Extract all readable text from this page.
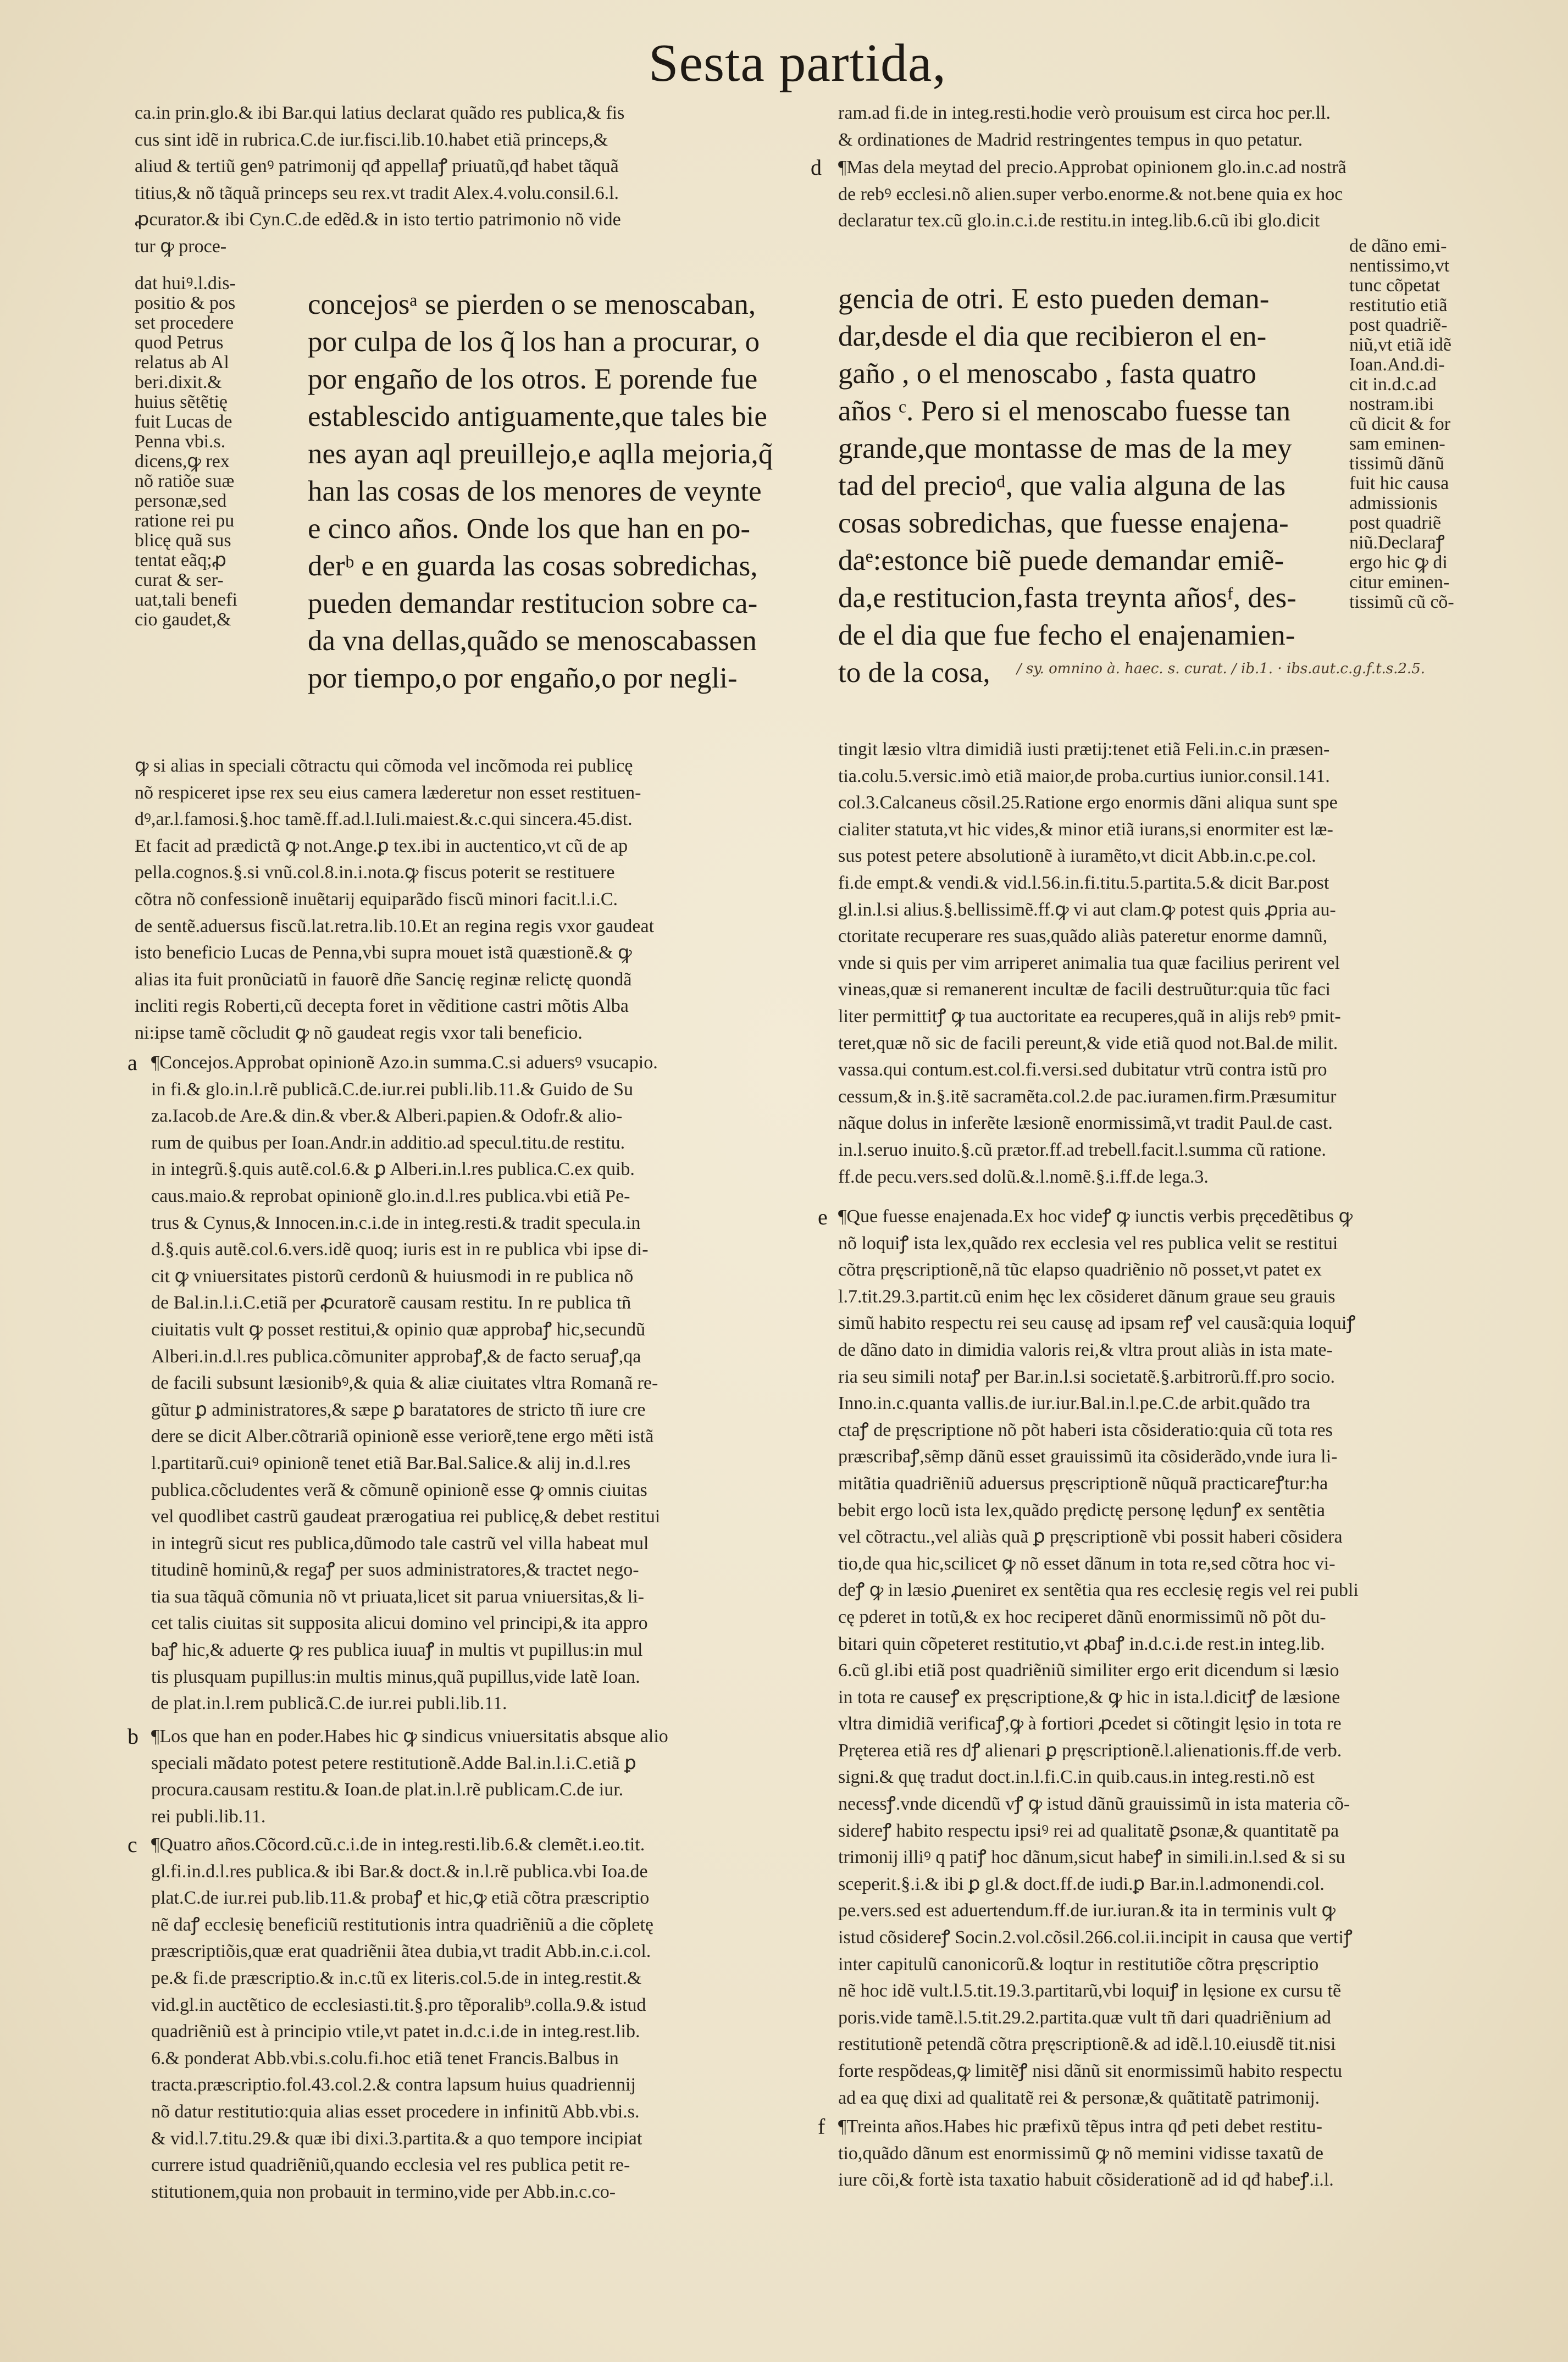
Sesta partida,
ca.in prin.glo.& ibi Bar.qui latius declarat quãdo res publica,& fis
cus sint idẽ in rubrica.C.de iur.fisci.lib.10.habet etiã princeps,&
aliud & tertiũ genꝰ patrimonij qđ appellaꝭ priuatũ,qđ habet tãquã
titius,& nõ tãquã princeps seu rex.vt tradit Alex.4.volu.consil.6.l.
ꝓcurator.& ibi Cyn.C.de edẽd.& in isto tertio patrimonio nõ vide
tur ꝙ proce-
dat huiꝰ.l.dis-
positio & pos
set procedere
quod Petrus
relatus ab Al
beri.dixit.&
huius sẽtẽtię
fuit Lucas de
Penna vbi.s.
dicens,ꝙ rex
nõ ratiõe suæ
personæ,sed
ratione rei pu
blicę quã sus
tentat eãq;ꝓ
curat & ser-
uat,tali benefi
cio gaudet,&
concejosᵃ se pierden o se menoscaban,
por culpa de los q̃ los han a procurar, o
por engaño de los otros. E porende fue
establescido antiguamente,que tales bie
nes ayan aql preuillejo,e aqlla mejoria,q̃
han las cosas de los menores de veynte
e cinco años. Onde los que han en po-
derᵇ e en guarda las cosas sobredichas,
pueden demandar restitucion sobre ca-
da vna dellas,quãdo se menoscabassen
por tiempo,o por engaño,o por negli-
ꝙ si alias in speciali cõtractu qui cõmoda vel incõmoda rei publicę
nõ respiceret ipse rex seu eius camera læderetur non esset restituen-
dꝰ,ar.l.famosi.§.hoc tamẽ.ff.ad.l.Iuli.maiest.&.c.qui sincera.45.dist.
Et facit ad prædictã ꝙ not.Ange.ꝑ tex.ibi in auctentico,vt cũ de ap
pella.cognos.§.si vnũ.col.8.in.i.nota.ꝙ fiscus poterit se restituere
cõtra nõ confessionẽ inuẽtarij equiparãdo fiscũ minori facit.l.i.C.
de sentẽ.aduersus fiscũ.lat.retra.lib.10.Et an regina regis vxor gaudeat
isto beneficio Lucas de Penna,vbi supra mouet istã quæstionẽ.& ꝙ
alias ita fuit pronũciatũ in fauorẽ dñe Sancię reginæ relictę quondã
incliti regis Roberti,cũ decepta foret in vẽditione castri mõtis Alba
ni:ipse tamẽ cõcludit ꝙ nõ gaudeat regis vxor tali beneficio.
a ¶Concejos.Approbat opinionẽ Azo.in summa.C.si aduersꝰ vsucapio.
in fi.& glo.in.l.rẽ publicã.C.de.iur.rei publi.lib.11.& Guido de Su
za.Iacob.de Are.& din.& vber.& Alberi.papien.& Odofr.& alio-
rum de quibus per Ioan.Andr.in additio.ad specul.titu.de restitu.
in integrũ.§.quis autẽ.col.6.& ꝑ Alberi.in.l.res publica.C.ex quib.
caus.maio.& reprobat opinionẽ glo.in.d.l.res publica.vbi etiã Pe-
trus & Cynus,& Innocen.in.c.i.de in integ.resti.& tradit specula.in
d.§.quis autẽ.col.6.vers.idẽ quoq; iuris est in re publica vbi ipse di-
cit ꝙ vniuersitates pistorũ cerdonũ & huiusmodi in re publica nõ
de Bal.in.l.i.C.etiã per ꝓcuratorẽ causam restitu. In re publica tñ
ciuitatis vult ꝙ posset restitui,& opinio quæ approbaꝭ hic,secundũ
Alberi.in.d.l.res publica.cõmuniter approbaꝭ,& de facto seruaꝭ,qa
de facili subsunt læsionibꝰ,& quia & aliæ ciuitates vltra Romanã re-
gũtur ꝑ administratores,& sæpe ꝑ baratatores de stricto tñ iure cre
dere se dicit Alber.cõtrariã opinionẽ esse veriorẽ,tene ergo mẽti istã
l.partitarũ.cuiꝰ opinionẽ tenet etiã Bar.Bal.Salice.& alij in.d.l.res
publica.cõcludentes verã & cõmunẽ opinionẽ esse ꝙ omnis ciuitas
vel quodlibet castrũ gaudeat prærogatiua rei publicę,& debet restitui
in integrũ sicut res publica,dũmodo tale castrũ vel villa habeat mul
titudinẽ hominũ,& regaꝭ per suos administratores,& tractet nego-
tia sua tãquã cõmunia nõ vt priuata,licet sit parua vniuersitas,& li-
cet talis ciuitas sit supposita alicui domino vel principi,& ita appro
baꝭ hic,& aduerte ꝙ res publica iuuaꝭ in multis vt pupillus:in mul
tis plusquam pupillus:in multis minus,quã pupillus,vide latẽ Ioan.
de plat.in.l.rem publicã.C.de iur.rei publi.lib.11.
b ¶Los que han en poder.Habes hic ꝙ sindicus vniuersitatis absque alio
speciali mãdato potest petere restitutionẽ.Adde Bal.in.l.i.C.etiã ꝑ
procura.causam restitu.& Ioan.de plat.in.l.rẽ publicam.C.de iur.
rei publi.lib.11.
c ¶Quatro años.Cõcord.cũ.c.i.de in integ.resti.lib.6.& clemẽt.i.eo.tit.
gl.fi.in.d.l.res publica.& ibi Bar.& doct.& in.l.rẽ publica.vbi Ioa.de
plat.C.de iur.rei pub.lib.11.& probaꝭ et hic,ꝙ etiã cõtra præscriptio
nẽ daꝭ ecclesię beneficiũ restitutionis intra quadriẽniũ a die cõpletę
præscriptiõis,quæ erat quadriẽnii ãtea dubia,vt tradit Abb.in.c.i.col.
pe.& fi.de præscriptio.& in.c.tũ ex literis.col.5.de in integ.restit.&
vid.gl.in auctẽtico de ecclesiasti.tit.§.pro tẽporalib⁹.colla.9.& istud
quadriẽniũ est à principio vtile,vt patet in.d.c.i.de in integ.rest.lib.
6.& ponderat Abb.vbi.s.colu.fi.hoc etiã tenet Francis.Balbus in
tracta.præscriptio.fol.43.col.2.& contra lapsum huius quadriennij
nõ datur restitutio:quia alias esset procedere in infinitũ Abb.vbi.s.
& vid.l.7.titu.29.& quæ ibi dixi.3.partita.& a quo tempore incipiat
currere istud quadriẽniũ,quando ecclesia vel res publica petit re-
stitutionem,quia non probauit in termino,vide per Abb.in.c.co-
ram.ad fi.de in integ.resti.hodie verò prouisum est circa hoc per.ll.
& ordinationes de Madrid restringentes tempus in quo petatur.
d ¶Mas dela meytad del precio.Approbat opinionem glo.in.c.ad nostrã
de rebꝰ ecclesi.nõ alien.super verbo.enorme.& not.bene quia ex hoc
declaratur tex.cũ glo.in.c.i.de restitu.in integ.lib.6.cũ ibi glo.dicit
gencia de otri. E esto pueden deman-
dar,desde el dia que recibieron el en-
gaño , o el menoscabo , fasta quatro
años ᶜ. Pero si el menoscabo fuesse tan
grande,que montasse de mas de la mey
tad del precioᵈ, que valia alguna de las
cosas sobredichas, que fuesse enajena-
daᵉ:estonce biẽ puede demandar emiẽ-
da,e restitucion,fasta treynta añosᶠ, des-
de el dia que fue fecho el enajenamien-
to de la cosa,	/ sy. omnino à. haec. s. curat. / ib.1. · ibs.aut.c.g.f.t.s.2.5.
de dãno emi-
nentissimo,vt
tunc cõpetat
restitutio etiã
post quadriẽ-
niũ,vt etiã idẽ
Ioan.And.di-
cit in.d.c.ad
nostram.ibi
cũ dicit & for
sam eminen-
tissimũ dãnũ
fuit hic causa
admissionis
post quadriẽ
niũ.Declaraꝭ
ergo hic ꝙ di
citur eminen-
tissimũ cũ cõ-
tingit læsio vltra dimidiã iusti prætij:tenet etiã Feli.in.c.in præsen-
tia.colu.5.versic.imò etiã maior,de proba.curtius iunior.consil.141.
col.3.Calcaneus cõsil.25.Ratione ergo enormis dãni aliqua sunt spe
cialiter statuta,vt hic vides,& minor etiã iurans,si enormiter est læ-
sus potest petere absolutionẽ à iuramẽto,vt dicit Abb.in.c.pe.col.
fi.de empt.& vendi.& vid.l.56.in.fi.titu.5.partita.5.& dicit Bar.post
gl.in.l.si alius.§.bellissimẽ.ff.ꝙ vi aut clam.ꝙ potest quis ꝓpria au-
ctoritate recuperare res suas,quãdo aliàs pateretur enorme damnũ,
vnde si quis per vim arriperet animalia tua quæ facilius perirent vel
vineas,quæ si remanerent incultæ de facili destruũtur:quia tũc faci
liter permittitꝭ ꝙ tua auctoritate ea recuperes,quã in alijs rebꝰ pmit-
teret,quæ nõ sic de facili pereunt,& vide etiã quod not.Bal.de milit.
vassa.qui contum.est.col.fi.versi.sed dubitatur vtrũ contra istũ pro
cessum,& in.§.itẽ sacramẽta.col.2.de pac.iuramen.firm.Præsumitur
nãque dolus in inferẽte læsionẽ enormissimã,vt tradit Paul.de cast.
in.l.seruo inuito.§.cũ prætor.ff.ad trebell.facit.l.summa cũ ratione.
ff.de pecu.vers.sed dolũ.&.l.nomẽ.§.i.ff.de lega.3.
e ¶Que fuesse enajenada.Ex hoc videꝭ ꝙ iunctis verbis pręcedẽtibus ꝙ
nõ loquiꝭ ista lex,quãdo rex ecclesia vel res publica velit se restitui
cõtra pręscriptionẽ,nã tũc elapso quadriẽnio nõ posset,vt patet ex
l.7.tit.29.3.partit.cũ enim hęc lex cõsideret dãnum graue seu grauis
simũ habito respectu rei seu causę ad ipsam reꝭ vel causã:quia loquiꝭ
de dãno dato in dimidia valoris rei,& vltra prout aliàs in ista mate-
ria seu simili notaꝭ per Bar.in.l.si societatẽ.§.arbitrorũ.ff.pro socio.
Inno.in.c.quanta vallis.de iur.iur.Bal.in.l.pe.C.de arbit.quãdo tra
ctaꝭ de pręscriptione nõ põt haberi ista cõsideratio:quia cũ tota res
præscribaꝭ,sẽmp dãnũ esset grauissimũ ita cõsiderãdo,vnde iura li-
mitãtia quadriẽniũ aduersus pręscriptionẽ nũquã practicareꝭtur:ha
bebit ergo locũ ista lex,quãdo prędictę personę lędunꝭ ex sentẽtia
vel cõtractu.,vel aliàs quã ꝑ pręscriptionẽ vbi possit haberi cõsidera
tio,de qua hic,scilicet ꝙ nõ esset dãnum in tota re,sed cõtra hoc vi-
deꝭ ꝙ in læsio ꝓueniret ex sentẽtia qua res ecclesię regis vel rei publi
cę pderet in totũ,& ex hoc reciperet dãnũ enormissimũ nõ põt du-
bitari quin cõpeteret restitutio,vt ꝓbaꝭ in.d.c.i.de rest.in integ.lib.
6.cũ gl.ibi etiã post quadriẽniũ similiter ergo erit dicendum si læsio
in tota re causeꝭ ex pręscriptione,& ꝙ hic in ista.l.dicitꝭ de læsione
vltra dimidiã verificaꝭ,ꝙ à fortiori ꝓcedet si cõtingit lęsio in tota re
Pręterea etiã res dꝭ alienari ꝑ pręscriptionẽ.l.alienationis.ff.de verb.
signi.& quę tradut doct.in.l.fi.C.in quib.caus.in integ.resti.nõ est
necessꝭ.vnde dicendũ vꝭ ꝙ istud dãnũ grauissimũ in ista materia cõ-
sidereꝭ habito respectu ipsiꝰ rei ad qualitatẽ ꝑsonæ,& quantitatẽ pa
trimonij illiꝰ q patiꝭ hoc dãnum,sicut habeꝭ in simili.in.l.sed & si su
sceperit.§.i.& ibi ꝑ gl.& doct.ff.de iudi.ꝑ Bar.in.l.admonendi.col.
pe.vers.sed est aduertendum.ff.de iur.iuran.& ita in terminis vult ꝙ
istud cõsidereꝭ Socin.2.vol.cõsil.266.col.ii.incipit in causa que vertiꝭ
inter capitulũ canonicorũ.& loqtur in restitutiõe cõtra pręscriptio
nẽ hoc idẽ vult.l.5.tit.19.3.partitarũ,vbi loquiꝭ in lęsione ex cursu tẽ
poris.vide tamẽ.l.5.tit.29.2.partita.quæ vult tñ dari quadriẽnium ad
restitutionẽ petendã cõtra pręscriptionẽ.& ad idẽ.l.10.eiusdẽ tit.nisi
forte respõdeas,ꝙ limitẽꝭ nisi dãnũ sit enormissimũ habito respectu
ad ea quę dixi ad qualitatẽ rei & personæ,& quãtitatẽ patrimonij.
f ¶Treinta años.Habes hic præfixũ tẽpus intra qđ peti debet restitu-
tio,quãdo dãnum est enormissimũ ꝙ nõ memini vidisse taxatũ de
iure cõi,& fortè ista taxatio habuit cõsiderationẽ ad id qđ habeꝭ.i.l.
